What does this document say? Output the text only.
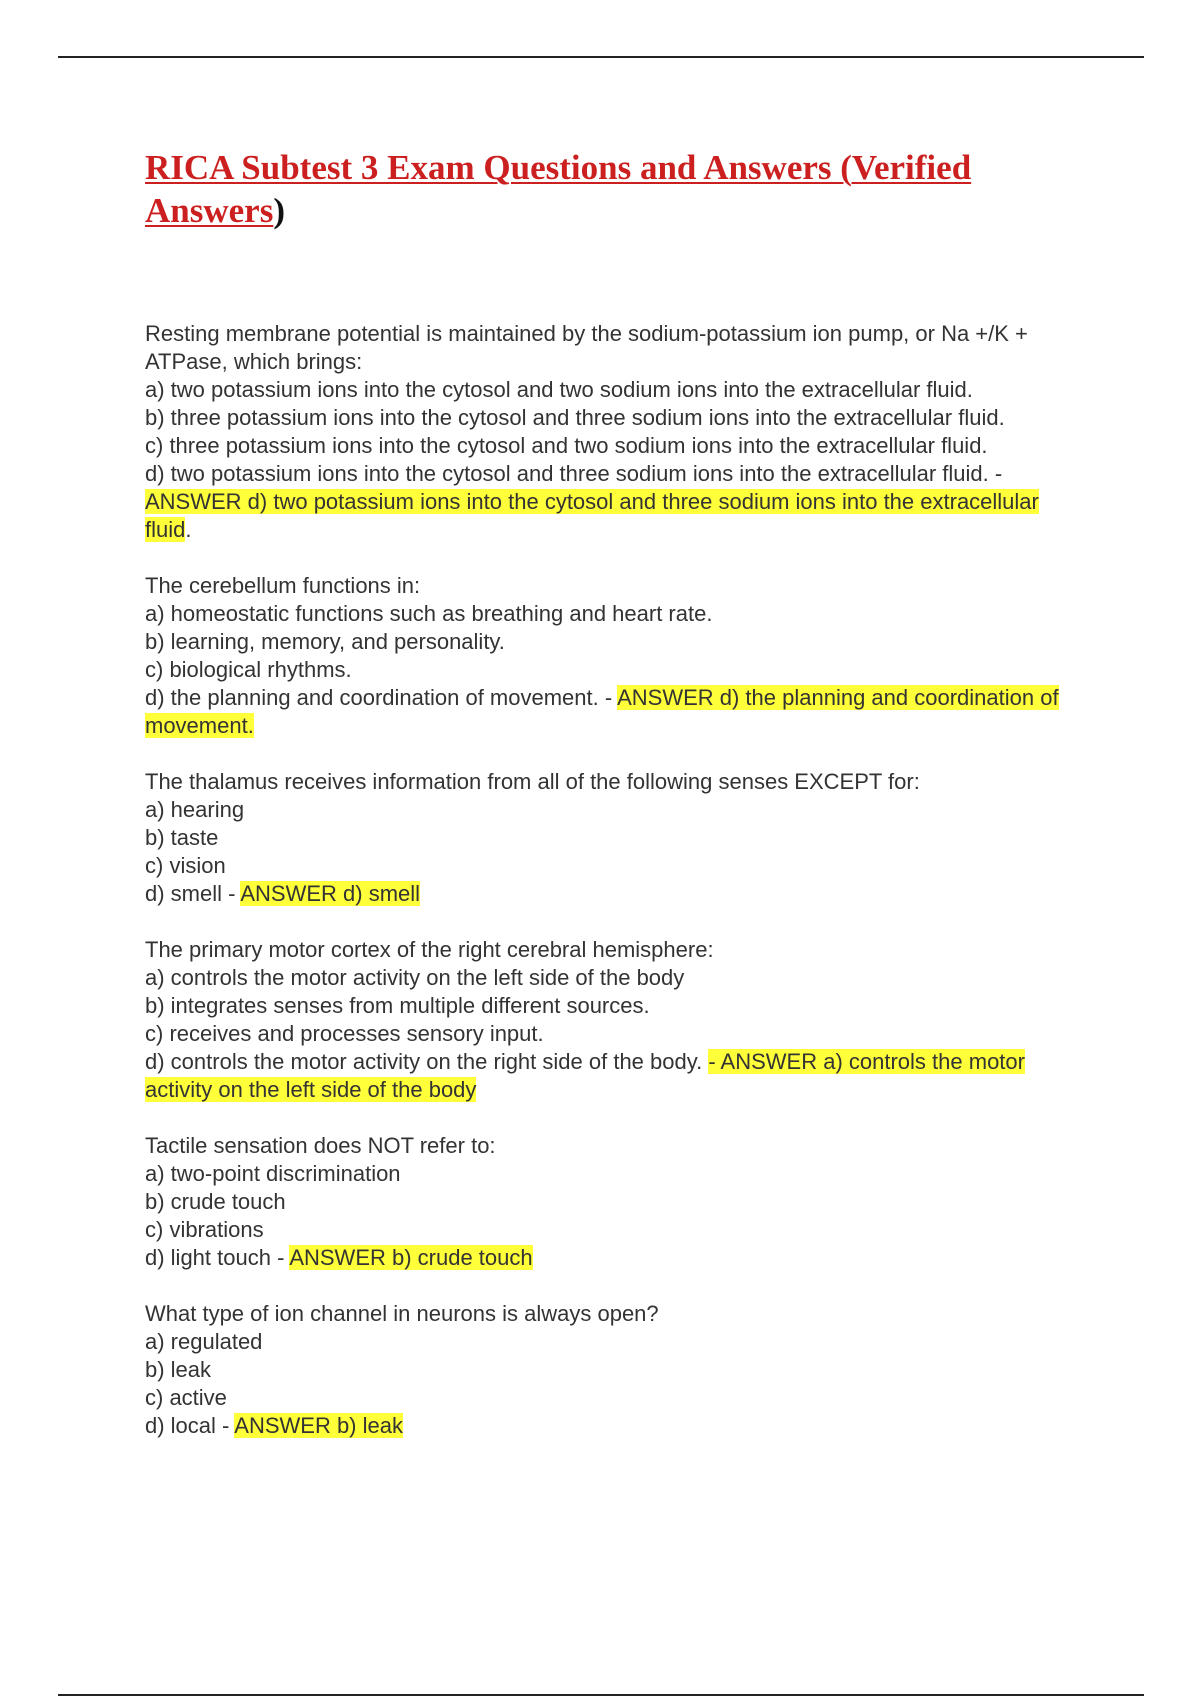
RICA Subtest 3 Exam Questions and Answers (Verified Answers)
Resting membrane potential is maintained by the sodium-potassium ion pump, or Na +/K + ATPase, which brings:
a) two potassium ions into the cytosol and two sodium ions into the extracellular fluid.
b) three potassium ions into the cytosol and three sodium ions into the extracellular fluid.
c) three potassium ions into the cytosol and two sodium ions into the extracellular fluid.
d) two potassium ions into the cytosol and three sodium ions into the extracellular fluid. - ANSWER d) two potassium ions into the cytosol and three sodium ions into the extracellular fluid.
The cerebellum functions in:
a) homeostatic functions such as breathing and heart rate.
b) learning, memory, and personality.
c) biological rhythms.
d) the planning and coordination of movement. - ANSWER d) the planning and coordination of movement.
The thalamus receives information from all of the following senses EXCEPT for:
a) hearing
b) taste
c) vision
d) smell - ANSWER d) smell
The primary motor cortex of the right cerebral hemisphere:
a) controls the motor activity on the left side of the body
b) integrates senses from multiple different sources.
c) receives and processes sensory input.
d) controls the motor activity on the right side of the body. - ANSWER a) controls the motor activity on the left side of the body
Tactile sensation does NOT refer to:
a) two-point discrimination
b) crude touch
c) vibrations
d) light touch - ANSWER b) crude touch
What type of ion channel in neurons is always open?
a) regulated
b) leak
c) active
d) local - ANSWER b) leak
